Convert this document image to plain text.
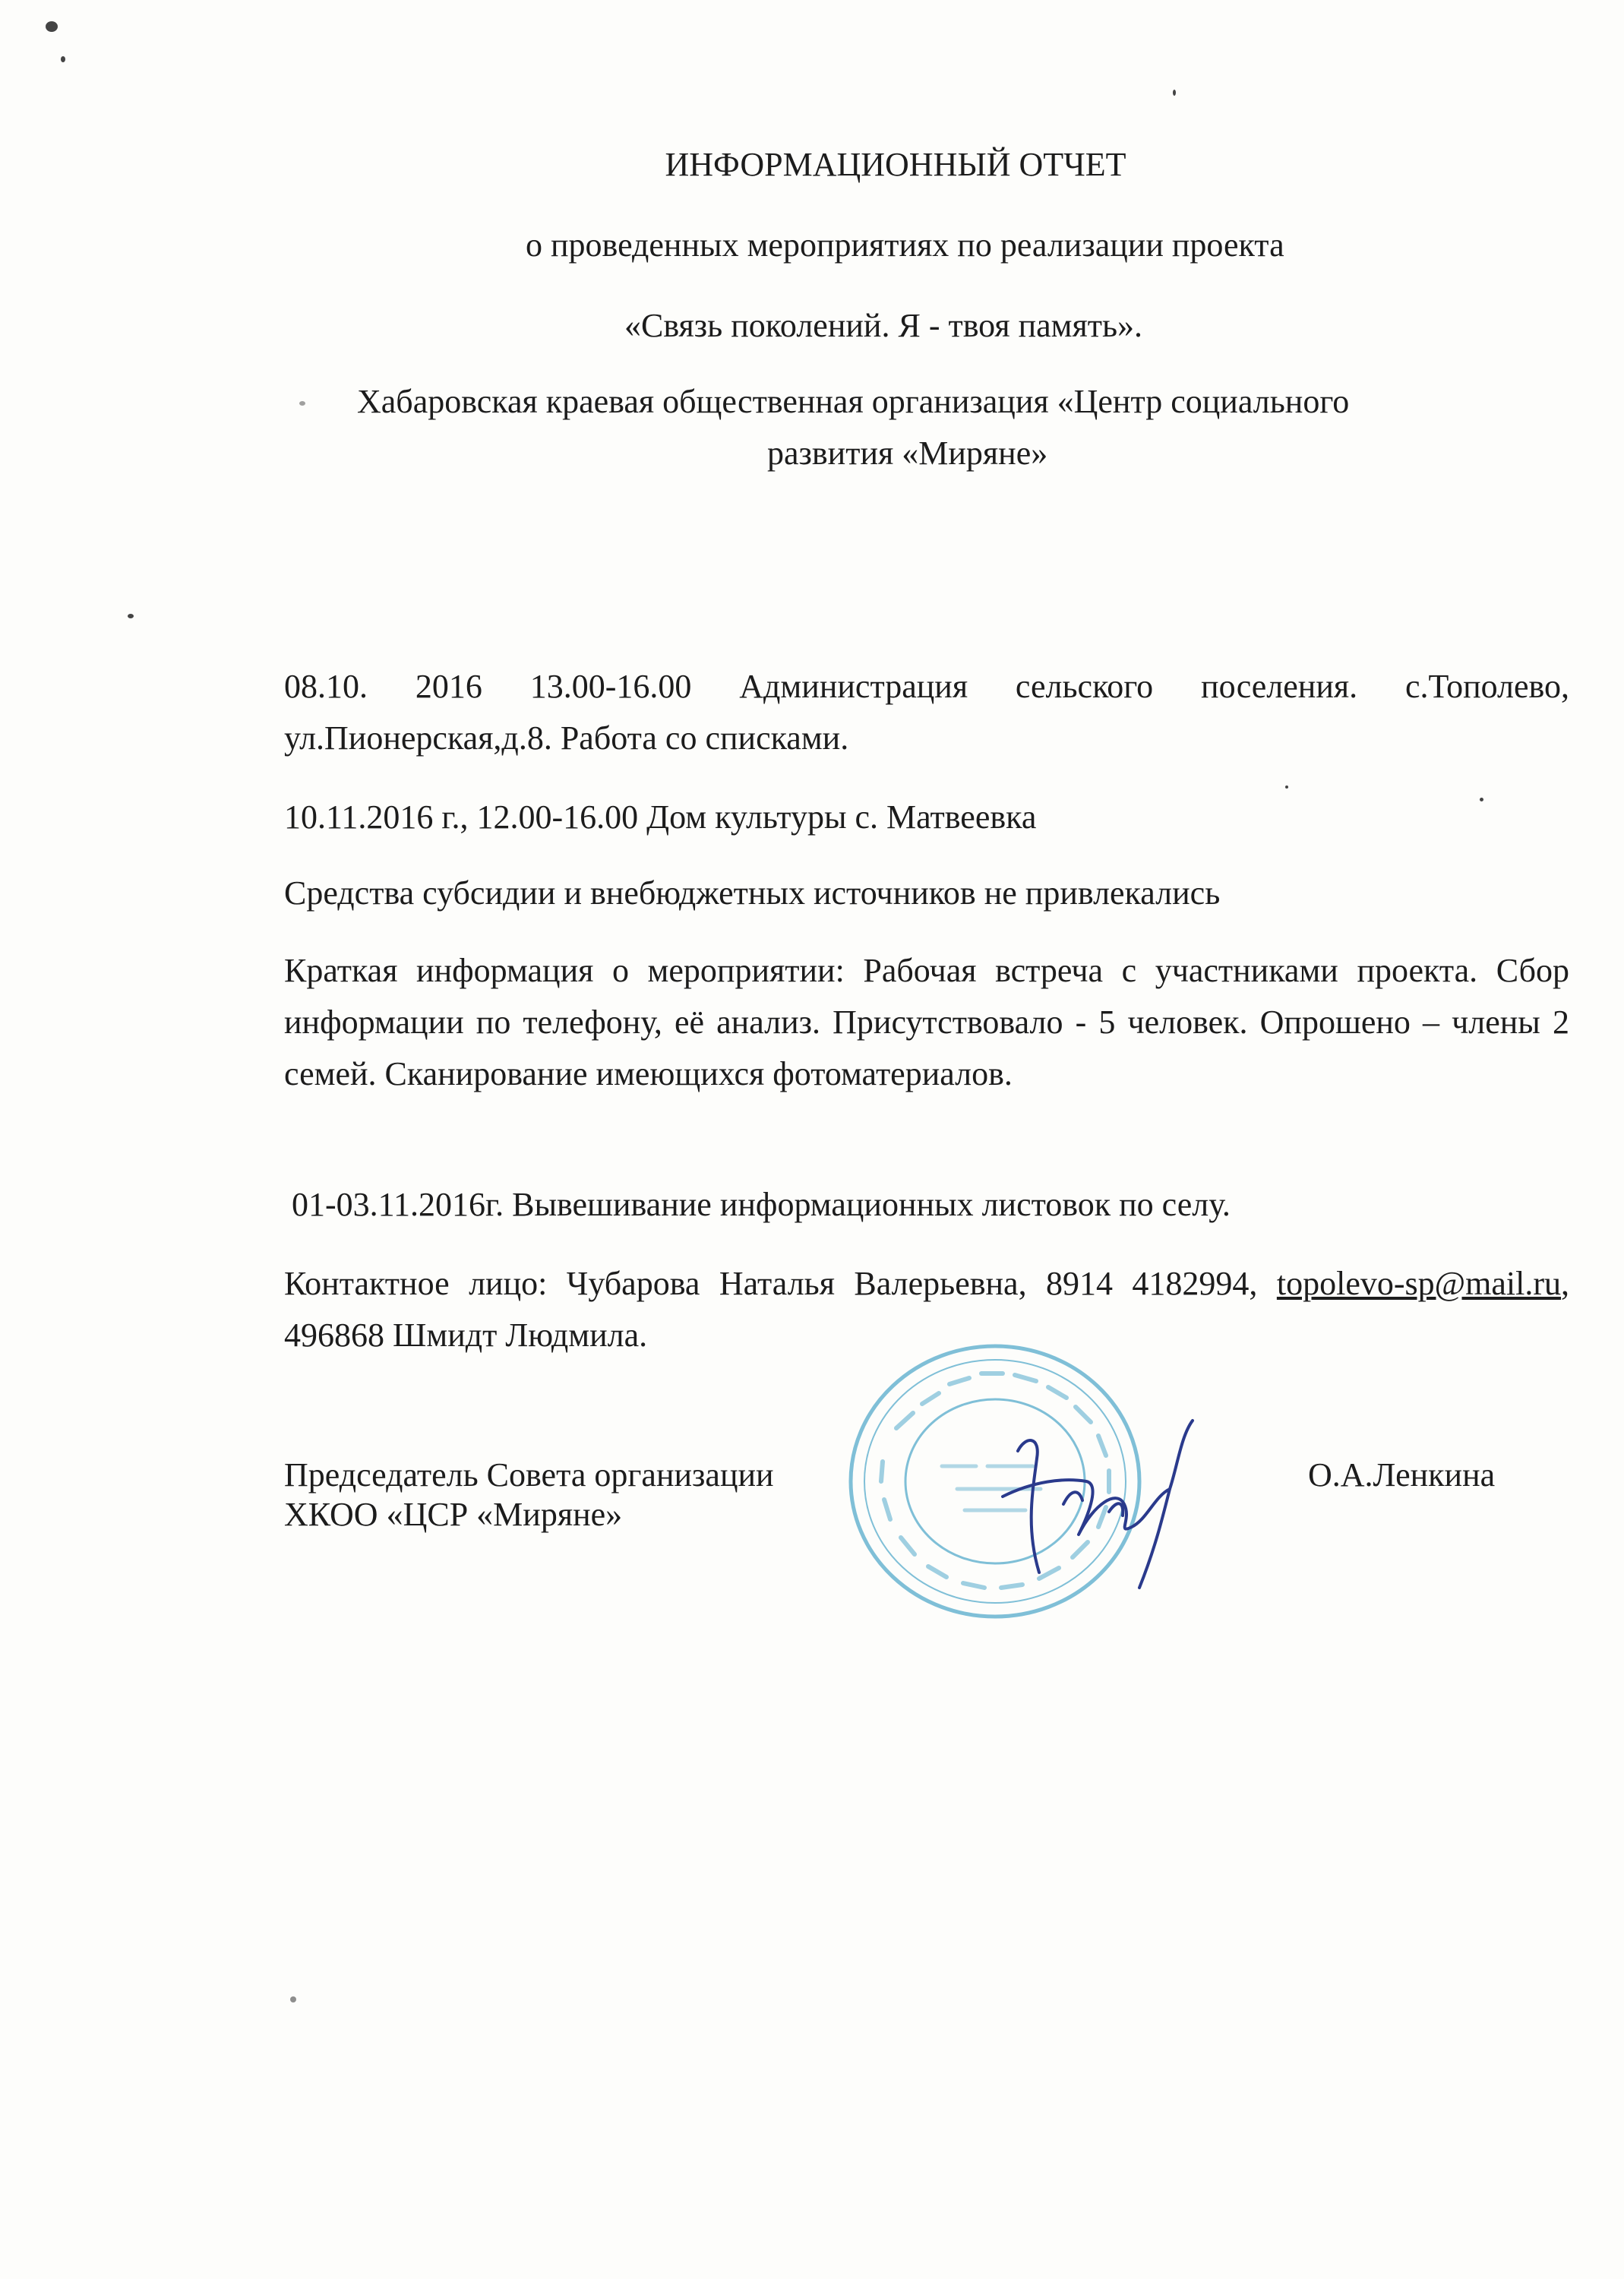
ИНФОРМАЦИОННЫЙ ОТЧЕТ
о проведенных мероприятиях по реализации проекта
«Связь поколений. Я - твоя память».
Хабаровская краевая общественная организация «Центр социального
развития «Миряне»
08.10. 2016 13.00-16.00 Администрация сельского поселения. с.Тополево, ул.Пионерская,д.8. Работа со списками.
10.11.2016 г., 12.00-16.00 Дом культуры с. Матвеевка
Средства субсидии и внебюджетных источников не привлекались
Краткая информация о мероприятии: Рабочая встреча с участниками проекта. Сбор информации по телефону, её анализ. Присутствовало - 5 человек. Опрошено – члены 2 семей. Сканирование имеющихся фотоматериалов.
01-03.11.2016г. Вывешивание информационных листовок по селу.
Контактное лицо: Чубарова Наталья Валерьевна, 8914 4182994, topolevo-sp@mail.ru, 496868 Шмидт Людмила.
Председатель Совета организации
ХКОО «ЦСР «Миряне»
О.А.Ленкина
